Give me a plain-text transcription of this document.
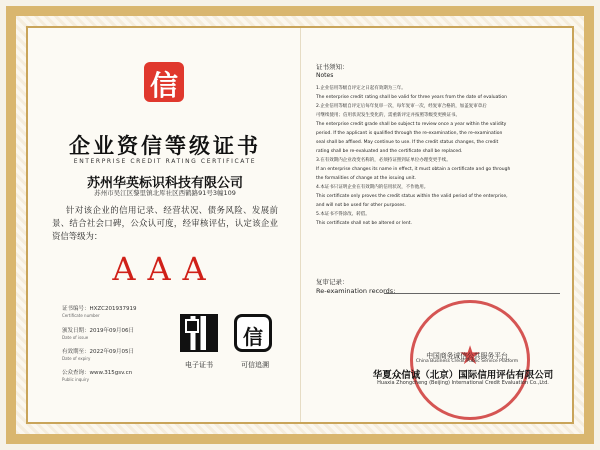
信
企业资信等级证书
ENTERPRISE CREDIT RATING CERTIFICATE
苏州华英标识科技有限公司
苏州市吴江区黎里镇北厍社区西鹤路91号3幢109
针对该企业的信用记录、经营状况、债务风险、发展前景、结合社会口碑，公众认可度，经审核评估，认定该企业资信等级为：
AAA
证书编号：HXZC201937919
Certificate number
颁发日期：2019年09月06日
Date of issue
有效期至：2022年09月05日
Date of expiry
公众查询：www.315gsv.cn
Public inquiry
信
电子证书	可信追溯
证书须知：
Notes
1.企业信用等级自评定之日起有效期为三年。
The enterprise credit rating shall be valid for three years from the date of evaluation
2.企业信用等级自评定后每年复审一次，每年复审一次，经复审合格的，加盖复审章后
可继续使用；信用状况发生变化的，需重新评定并按照等级变更换证书。
The enterprise credit grade shall be subject to review once a year within the validity
period. If the applicant is qualified through the re-examination, the re-examination
seal shall be affixed. May continue to use. If the credit status changes, the credit
rating shall be re-evaluated and the certificate shall be replaced.
3.在有效期内企业改变名称的，必须持证照到证单位办理变更手续。
If an enterprise changes its name in effect, it must obtain a certificate and go through
the formalities of change at the issuing unit.
4.本证书只证明企业在有效期内的信用状况，不作他用。
This certificate only proves the credit status within the valid period of the enterprise,
and will not be used for other purposes.
5.本证书不得涂改、转借。
This certificate shall not be altered or lent.
复审记录：
Re-examination records:
★
中国商务诚信公共服务平台
China Business Credit Public Service Platform
华夏众信诚（北京）国际信用评估有限公司
Huaxia Zhongcheng (Beijing) International Credit Evaluation Co.,Ltd.
